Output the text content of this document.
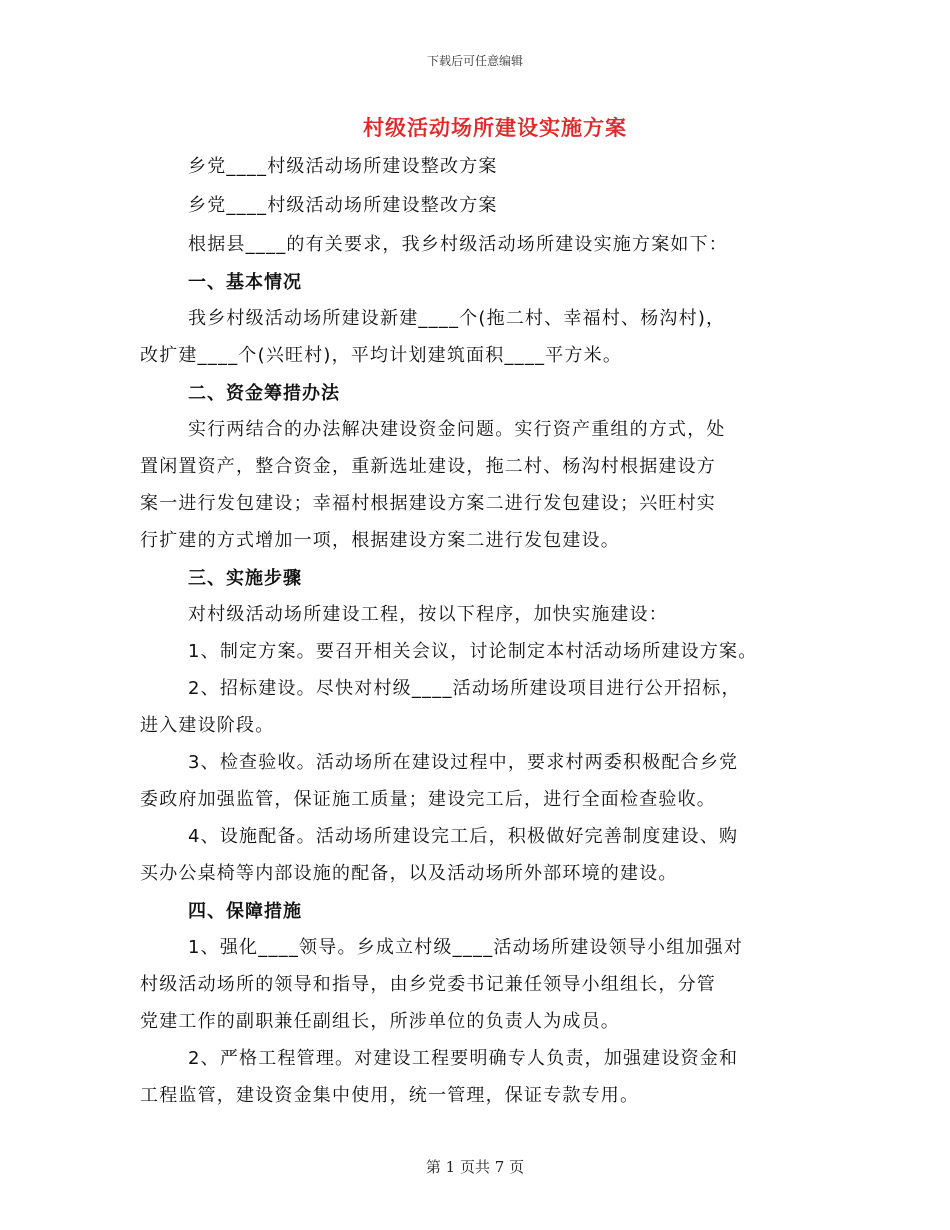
下载后可任意编辑
村级活动场所建设实施方案
乡党____村级活动场所建设整改方案
乡党____村级活动场所建设整改方案
根据县____的有关要求，我乡村级活动场所建设实施方案如下：
一、基本情况
我乡村级活动场所建设新建____个(拖二村、幸福村、杨沟村)，
改扩建____个(兴旺村)，平均计划建筑面积____平方米。
二、资金筹措办法
实行两结合的办法解决建设资金问题。实行资产重组的方式，处
置闲置资产，整合资金，重新选址建设，拖二村、杨沟村根据建设方
案一进行发包建设；幸福村根据建设方案二进行发包建设；兴旺村实
行扩建的方式增加一项，根据建设方案二进行发包建设。
三、实施步骤
对村级活动场所建设工程，按以下程序，加快实施建设：
1、制定方案。要召开相关会议，讨论制定本村活动场所建设方案。
2、招标建设。尽快对村级____活动场所建设项目进行公开招标，
进入建设阶段。
3、检查验收。活动场所在建设过程中，要求村两委积极配合乡党
委政府加强监管，保证施工质量；建设完工后，进行全面检查验收。
4、设施配备。活动场所建设完工后，积极做好完善制度建设、购
买办公桌椅等内部设施的配备，以及活动场所外部环境的建设。
四、保障措施
1、强化____领导。乡成立村级____活动场所建设领导小组加强对
村级活动场所的领导和指导，由乡党委书记兼任领导小组组长，分管
党建工作的副职兼任副组长，所涉单位的负责人为成员。
2、严格工程管理。对建设工程要明确专人负责，加强建设资金和
工程监管，建设资金集中使用，统一管理，保证专款专用。
第 1 页共 7 页
